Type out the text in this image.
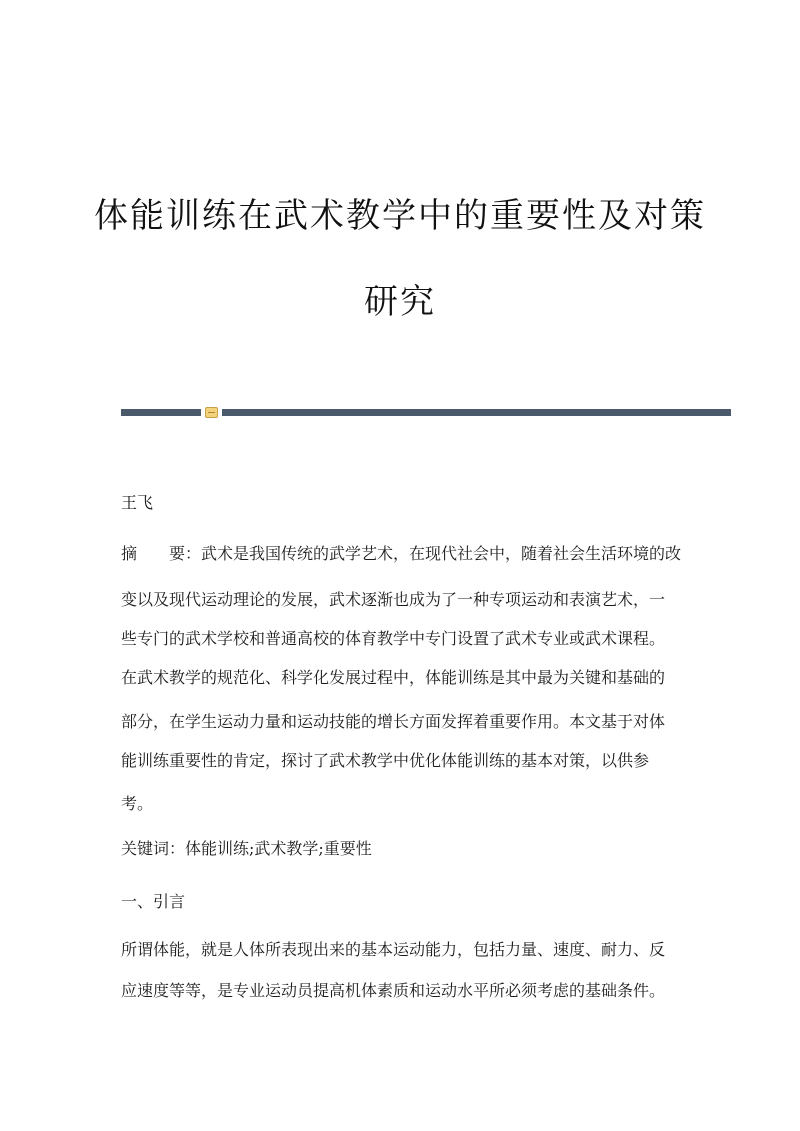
体能训练在武术教学中的重要性及对策
研究
王飞
摘　　要：武术是我国传统的武学艺术，在现代社会中，随着社会生活环境的改
变以及现代运动理论的发展，武术逐渐也成为了一种专项运动和表演艺术，一
些专门的武术学校和普通高校的体育教学中专门设置了武术专业或武术课程。
在武术教学的规范化、科学化发展过程中，体能训练是其中最为关键和基础的
部分，在学生运动力量和运动技能的增长方面发挥着重要作用。本文基于对体
能训练重要性的肯定，探讨了武术教学中优化体能训练的基本对策，以供参
考。
关键词：体能训练;武术教学;重要性
一、引言
所谓体能，就是人体所表现出来的基本运动能力，包括力量、速度、耐力、反
应速度等等，是专业运动员提高机体素质和运动水平所必须考虑的基础条件。
